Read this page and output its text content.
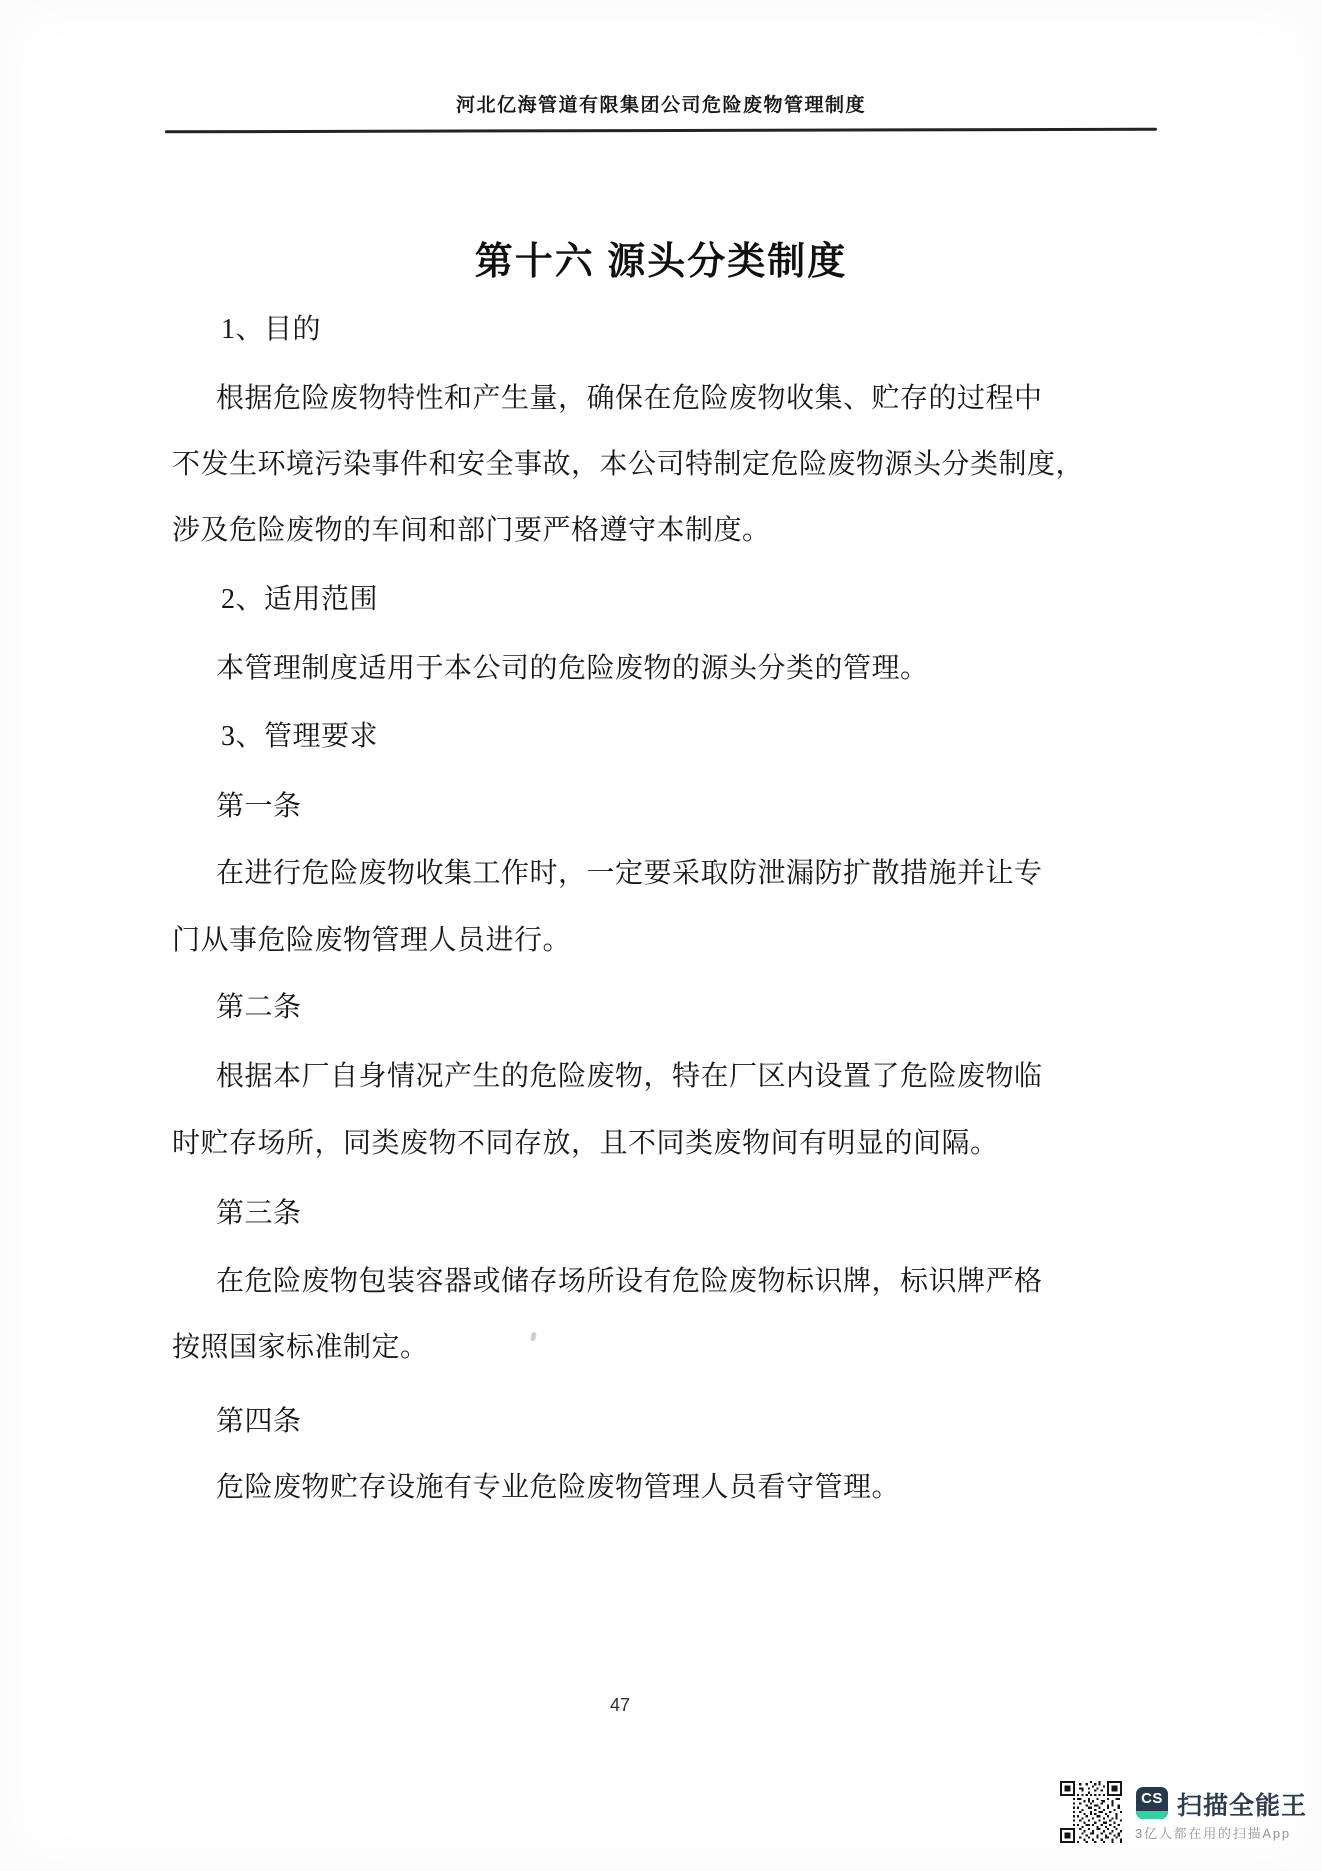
河北亿海管道有限集团公司危险废物管理制度
第十六 源头分类制度
1、目的
根据危险废物特性和产生量，确保在危险废物收集、贮存的过程中
不发生环境污染事件和安全事故，本公司特制定危险废物源头分类制度，
涉及危险废物的车间和部门要严格遵守本制度。
2、适用范围
本管理制度适用于本公司的危险废物的源头分类的管理。
3、管理要求
第一条
在进行危险废物收集工作时，一定要采取防泄漏防扩散措施并让专
门从事危险废物管理人员进行。
第二条
根据本厂自身情况产生的危险废物，特在厂区内设置了危险废物临
时贮存场所，同类废物不同存放，且不同类废物间有明显的间隔。
第三条
在危险废物包装容器或储存场所设有危险废物标识牌，标识牌严格
按照国家标准制定。
第四条
危险废物贮存设施有专业危险废物管理人员看守管理。
47
CS 扫描全能王
3亿人都在用的扫描App
